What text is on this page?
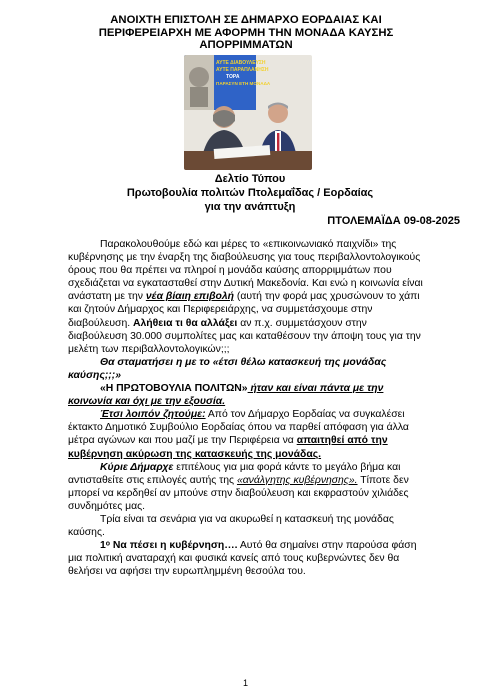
ΑΝΟΙΧΤΗ ΕΠΙΣΤΟΛΗ ΣΕ ΔΗΜΑΡΧΟ ΕΟΡΔΑΙΑΣ ΚΑΙ
ΠΕΡΙΦΕΡΕΙΑΡΧΗ ΜΕ ΑΦΟΡΜΗ ΤΗΝ ΜΟΝΑΔΑ ΚΑΥΣΗΣ
ΑΠΟΡΡΙΜΜΑΤΩΝ
ΑΥΤΕ ΔΙΑΒΟΥΛΕΥΣΗ
ΑΥΤΕ ΠΑΡΑΠΛΑΝΗΣΗ
ΤΟΡΑ
ΠΑΡΑΣΥΝ ΕΤΗ ΜΟΝΑΔΑ
Δελτίο Τύπου
Πρωτοβουλία πολιτών Πτολεμαΐδας / Εορδαίας
για την ανάπτυξη
ΠΤΟΛΕΜΑΪΔΑ 09-08-2025

Παρακολουθούμε εδώ και μέρες το «επικοινωνιακό παιχνίδι» της κυβέρνησης με την έναρξη της διαβούλευσης για τους περιβαλλοντολογικούς όρους που θα πρέπει να πληροί η μονάδα καύσης απορριμμάτων που σχεδιάζεται να εγκατασταθεί στην Δυτική Μακεδονία. Και ενώ η κοινωνία είναι ανάστατη με την νέα βίαιη επιβολή (αυτή την φορά μας χρυσώνουν το χάπι και ζητούν Δήμαρχος και Περιφερειάρχης, να συμμετάσχουμε στην διαβούλευση. Αλήθεια τι θα αλλάξει αν π.χ. συμμετάσχουν στην διαβούλευση 30.000 συμπολίτες μας και καταθέσουν την άποψη τους για την μελέτη των περιβαλλοντολογικών;;;

Θα σταματήσει η με το «έτσι θέλω κατασκευή της μονάδας καύσης;;;»

«Η ΠΡΩΤΟΒΟΥΛΙΑ ΠΟΛΙΤΩΝ» ήταν και είναι πάντα με την κοινωνία και όχι με την εξουσία.

Έτσι λοιπόν ζητούμε: Από τον Δήμαρχο Εορδαίας να συγκαλέσει έκτακτο Δημοτικό Συμβούλιο Εορδαίας όπου να παρθεί απόφαση για άλλα μέτρα αγώνων και που μαζί με την Περιφέρεια να απαιτηθεί από την κυβέρνηση ακύρωση της κατασκευής της μονάδας.

Κύριε Δήμαρχε επιτέλους για μια φορά κάντε το μεγάλο βήμα και αντισταθείτε στις επιλογές αυτής της «ανάλγητης κυβέρνησης». Τίποτε δεν μπορεί να κερδηθεί αν μπούνε στην διαβούλευση και εκφραστούν χιλιάδες συνδημότες μας.

Τρία είναι τα σενάρια για να ακυρωθεί η κατασκευή της μονάδας καύσης.

1ᵒ Να πέσει η κυβέρνηση…. Αυτό θα σημαίνει στην παρούσα φάση μια πολιτική αναταραχή και φυσικά κανείς από τους κυβερνώντες δεν θα θελήσει να αφήσει την ευρωπλημμένη θεσούλα του.

1
